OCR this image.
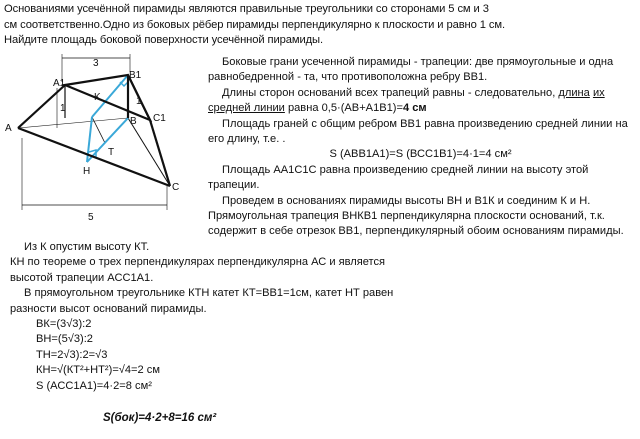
Основаниями усечённой пирамиды являются правильные треугольники со сторонами 5 см и 3
см соответственно.Одно из боковых рёбер пирамиды перпендикулярно к плоскости и равно 1 см.
Найдите площадь боковой поверхности усечённой пирамиды.
A1
A
B1
B C1
C
H
K
T
3
5
1
1

Боковые грани усеченной пирамиды - трапеции: две прямоугольные и одна равнобедренной - та, что противоположна ребру ВВ1.

Длины сторон оснований всех трапеций равны - следовательно, длина их средней линии равна 0,5·(АВ+А1В1)=4 см

Площадь граней с общим ребром ВВ1 равна произведению средней линии на его длину, т.е. .

S (АВВ1А1)=S (ВСС1В1)=4·1=4 см²

Площадь АА1С1С равна произведению средней линии на высоту этой трапеции.

Проведем в основаниях пирамиды высоты ВН и В1К и соединим К и Н. Прямоугольная трапеция ВНКВ1 перпендикулярна плоскости оснований, т.к. содержит в себе отрезок ВВ1, перпендикулярный обоим основаниям пирамиды.

Из К опустим высоту КТ.

КН по теореме о трех перпендикулярах перпендикулярна АС и является

высотой трапеции АСС1А1.

В прямоугольном треугольнике КТН катет КТ=ВВ1=1см, катет НТ равен

разности высот оснований пирамиды.

ВК=(3√3):2

ВН=(5√3):2

ТН=2√3):2=√3

КН=√(КТ²+НТ²)=√4=2 см

S (АСС1А1)=4·2=8 см²

S(бок)=4·2+8=16 см²
